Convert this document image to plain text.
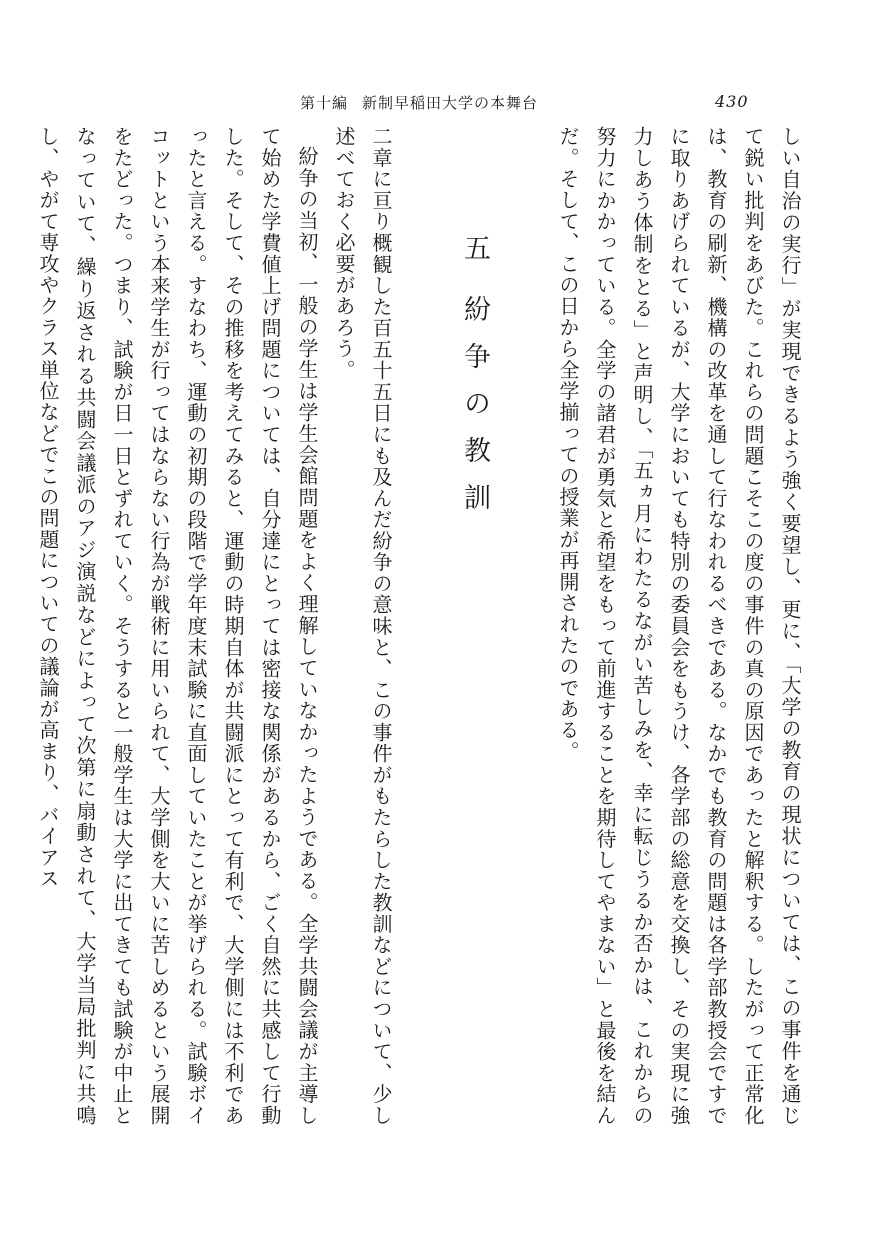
第十編 新制早稲田大学の本舞台	430

しい自治の実行」が実現できるよう強く要望し、更に、「大学の教育の現状については、この事件を通じて鋭い批判をあびた。これらの問題こそこの度の事件の真の原因であったと解釈する。したがって正常化は、教育の刷新、機構の改革を通して行なわれるべきである。なかでも教育の問題は各学部教授会ですでに取りあげられているが、大学においても特別の委員会をもうけ、各学部の総意を交換し、その実現に強力しあう体制をとる」と声明し、「五ヵ月にわたるながい苦しみを、幸に転じうるか否かは、これからの努力にかかっている。全学の諸君が勇気と希望をもって前進することを期待してやまない」と最後を結んだ。そして、この日から全学揃っての授業が再開されたのである。

五紛争の教訓

二章に亘り概観した百五十五日にも及んだ紛争の意味と、この事件がもたらした教訓などについて、少し述べておく必要があろう。

紛争の当初、一般の学生は学生会館問題をよく理解していなかったようである。全学共闘会議が主導して始めた学費値上げ問題については、自分達にとっては密接な関係があるから、ごく自然に共感して行動した。そして、その推移を考えてみると、運動の時期自体が共闘派にとって有利で、大学側には不利であったと言える。すなわち、運動の初期の段階で学年度末試験に直面していたことが挙げられる。試験ボイコットという本来学生が行ってはならない行為が戦術に用いられて、大学側を大いに苦しめるという展開をたどった。つまり、試験が日一日とずれていく。そうすると一般学生は大学に出てきても試験が中止となっていて、繰り返される共闘会議派のアジ演説などによって次第に扇動されて、大学当局批判に共鳴し、やがて専攻やクラス単位などでこの問題についての議論が高まり、バイアス
